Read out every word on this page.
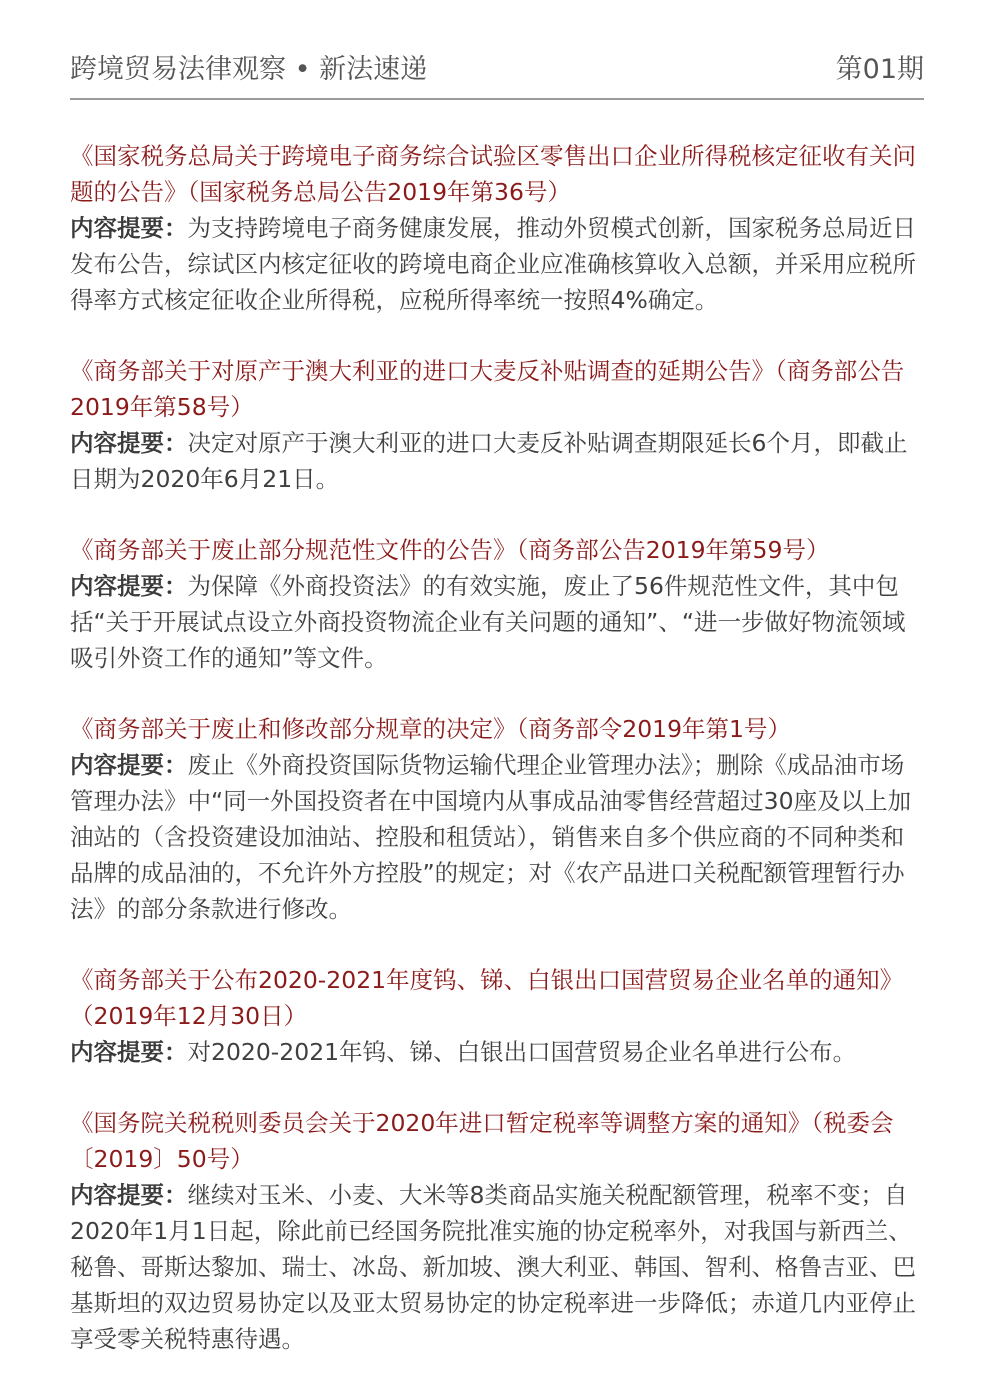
跨境贸易法律观察 • 新法速递	第01期

《国家税务总局关于跨境电子商务综合试验区零售出口企业所得税核定征收有关问题的公告》（国家税务总局公告2019年第36号）

内容提要：为支持跨境电子商务健康发展，推动外贸模式创新，国家税务总局近日发布公告，综试区内核定征收的跨境电商企业应准确核算收入总额，并采用应税所得率方式核定征收企业所得税，应税所得率统一按照4%确定。

《商务部关于对原产于澳大利亚的进口大麦反补贴调查的延期公告》（商务部公告2019年第58号）

内容提要：决定对原产于澳大利亚的进口大麦反补贴调查期限延长6个月，即截止日期为2020年6月21日。

《商务部关于废止部分规范性文件的公告》（商务部公告2019年第59号）

内容提要：为保障《外商投资法》的有效实施，废止了56件规范性文件，其中包括“关于开展试点设立外商投资物流企业有关问题的通知”、“进一步做好物流领域吸引外资工作的通知”等文件。

《商务部关于废止和修改部分规章的决定》（商务部令2019年第1号）

内容提要：废止《外商投资国际货物运输代理企业管理办法》；删除《成品油市场管理办法》中“同一外国投资者在中国境内从事成品油零售经营超过30座及以上加油站的（含投资建设加油站、控股和租赁站），销售来自多个供应商的不同种类和品牌的成品油的，不允许外方控股”的规定；对《农产品进口关税配额管理暂行办法》的部分条款进行修改。

《商务部关于公布2020-2021年度钨、锑、白银出口国营贸易企业名单的通知》（2019年12月30日）

内容提要：对2020-2021年钨、锑、白银出口国营贸易企业名单进行公布。

《国务院关税税则委员会关于2020年进口暂定税率等调整方案的通知》（税委会〔2019〕50号）

内容提要：继续对玉米、小麦、大米等8类商品实施关税配额管理，税率不变；自2020年1月1日起，除此前已经国务院批准实施的协定税率外，对我国与新西兰、秘鲁、哥斯达黎加、瑞士、冰岛、新加坡、澳大利亚、韩国、智利、格鲁吉亚、巴基斯坦的双边贸易协定以及亚太贸易协定的协定税率进一步降低；赤道几内亚停止享受零关税特惠待遇。
